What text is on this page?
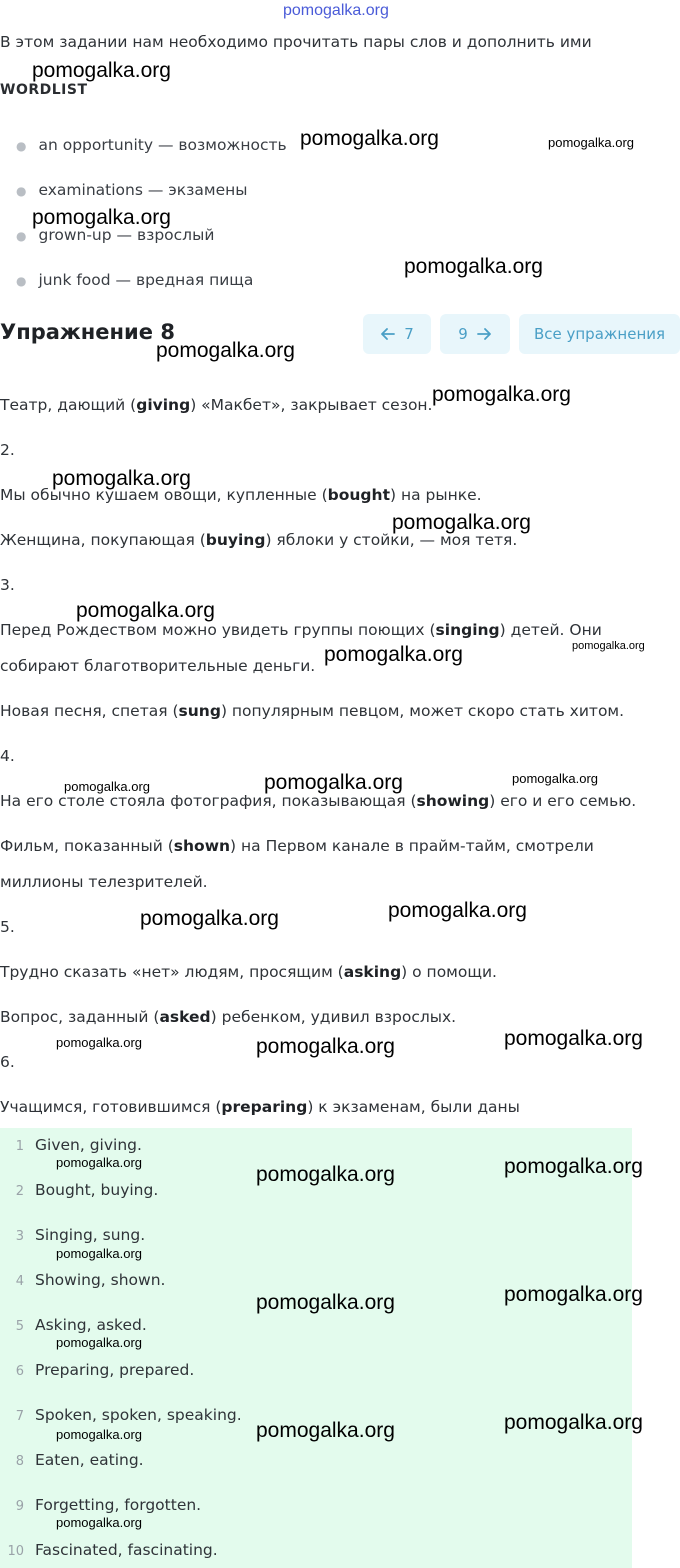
pomogalka.org
В этом задании нам необходимо прочитать пары слов и дополнить ими
WORDLIST
● an opportunity — возможность
● examinations — экзамены
● grown-up — взрослый
● junk food — вредная пища
Упражнение 8	7	9	Все упражнения
Театр, дающий (giving) «Макбет», закрывает сезон.
2.
Мы обычно кушаем овощи, купленные (bought) на рынке.
Женщина, покупающая (buying) яблоки у стойки, — моя тетя.
3.
Перед Рождеством можно увидеть группы поющих (singing) детей. Они
собирают благотворительные деньги.
Новая песня, спетая (sung) популярным певцом, может скоро стать хитом.
4.
На его столе стояла фотография, показывающая (showing) его и его семью.
Фильм, показанный (shown) на Первом канале в прайм-тайм, смотрели
миллионы телезрителей.
5.
Трудно сказать «нет» людям, просящим (asking) о помощи.
Вопрос, заданный (asked) ребенком, удивил взрослых.
6.
Учащимся, готовившимся (preparing) к экзаменам, были даны
1 Given, giving.
2 Bought, buying.
3 Singing, sung.
4 Showing, shown.
5 Asking, asked.
6 Preparing, prepared.
7 Spoken, spoken, speaking.
8 Eaten, eating.
9 Forgetting, forgotten.
10 Fascinated, fascinating.
pomogalka.org
pomogalka.org	pomogalka.org
pomogalka.org
pomogalka.org
pomogalka.org
pomogalka.org
pomogalka.org
pomogalka.org
pomogalka.org
pomogalka.org	pomogalka.org
pomogalka.org	pomogalka.org	pomogalka.org
pomogalka.org	pomogalka.org
pomogalka.org	pomogalka.org	pomogalka.org
pomogalka.org
pomogalka.org	pomogalka.org
pomogalka.org
pomogalka.org	pomogalka.org
pomogalka.org
pomogalka.org	pomogalka.org	pomogalka.org
pomogalka.org
